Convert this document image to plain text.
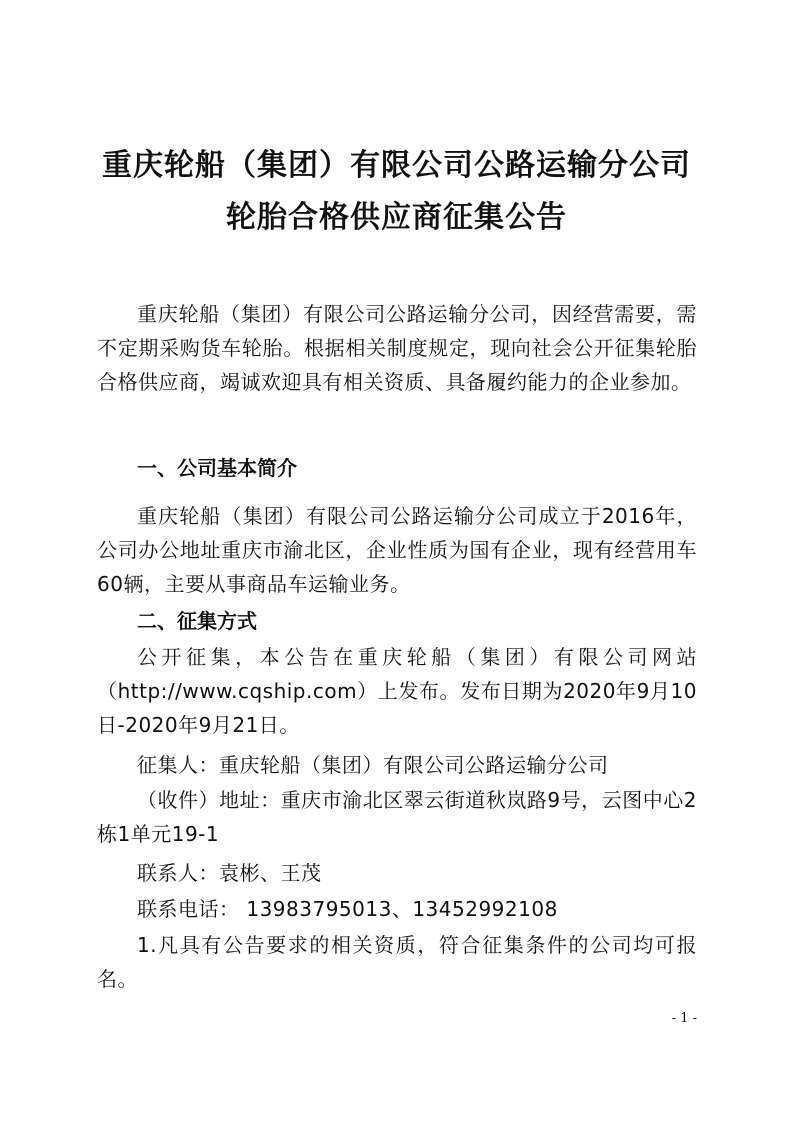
重庆轮船（集团）有限公司公路运输分公司
轮胎合格供应商征集公告
重庆轮船（集团）有限公司公路运输分公司，因经营需要，需不定期采购货车轮胎。根据相关制度规定，现向社会公开征集轮胎合格供应商，竭诚欢迎具有相关资质、具备履约能力的企业参加。
一、公司基本简介
重庆轮船（集团）有限公司公路运输分公司成立于2016年，公司办公地址重庆市渝北区，企业性质为国有企业，现有经营用车60辆，主要从事商品车运输业务。
二、征集方式
公开征集，本公告在重庆轮船（集团）有限公司网站（http://www.cqship.com）上发布。发布日期为2020年9月10日-2020年9月21日。
征集人：重庆轮船（集团）有限公司公路运输分公司
（收件）地址：重庆市渝北区翠云街道秋岚路9号，云图中心2栋1单元19-1
联系人：袁彬、王茂
联系电话： 13983795013、13452992108
1.凡具有公告要求的相关资质，符合征集条件的公司均可报名。
- 1 -
